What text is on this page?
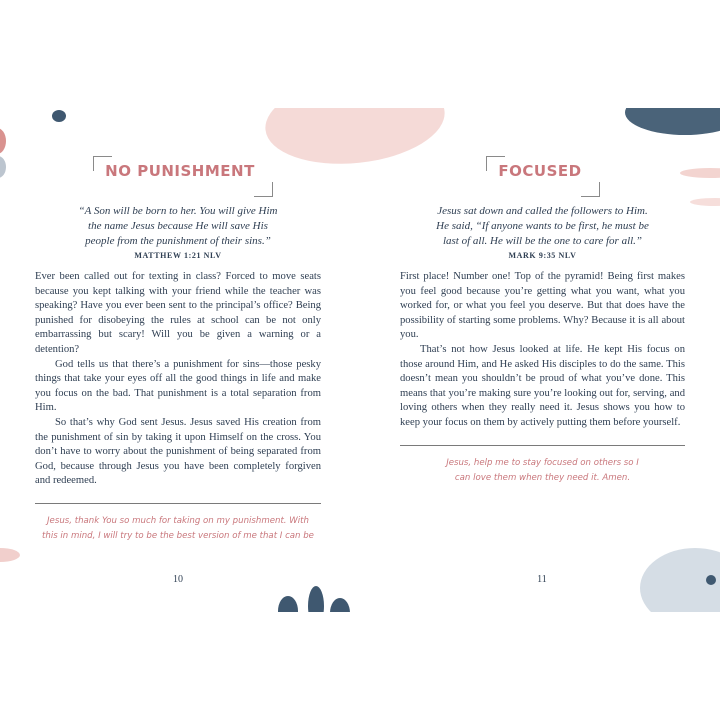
NO PUNISHMENT
“A Son will be born to her. You will give Him
the name Jesus because He will save His
people from the punishment of their sins.”
MATTHEW 1:21 NLV

Ever been called out for texting in class? Forced to move seats because you kept talking with your friend while the teacher was speaking? Have you ever been sent to the principal’s office? Being punished for disobeying the rules at school can be not only embarrassing but scary! Will you be given a warning or a detention?

God tells us that there’s a punishment for sins—those pesky things that take your eyes off all the good things in life and make you focus on the bad. That punishment is a total separation from Him.

So that’s why God sent Jesus. Jesus saved His creation from the punishment of sin by taking it upon Himself on the cross. You don’t have to worry about the punishment of being separated from God, because through Jesus you have been completely forgiven and redeemed.

Jesus, thank You so much for taking on my punishment. With
this in mind, I will try to be the best version of me that I can be
10
FOCUSED
Jesus sat down and called the followers to Him.
He said, “If anyone wants to be first, he must be
last of all. He will be the one to care for all.”
MARK 9:35 NLV

First place! Number one! Top of the pyramid! Being first makes you feel good because you’re getting what you want, what you worked for, or what you feel you deserve. But that does have the possibility of starting some problems. Why? Because it is all about you.

That’s not how Jesus looked at life. He kept His focus on those around Him, and He asked His disciples to do the same. This doesn’t mean you shouldn’t be proud of what you’ve done. This means that you’re making sure you’re looking out for, serving, and loving others when they really need it. Jesus shows you how to keep your focus on them by actively putting them before yourself.

Jesus, help me to stay focused on others so I
can love them when they need it. Amen.
11
